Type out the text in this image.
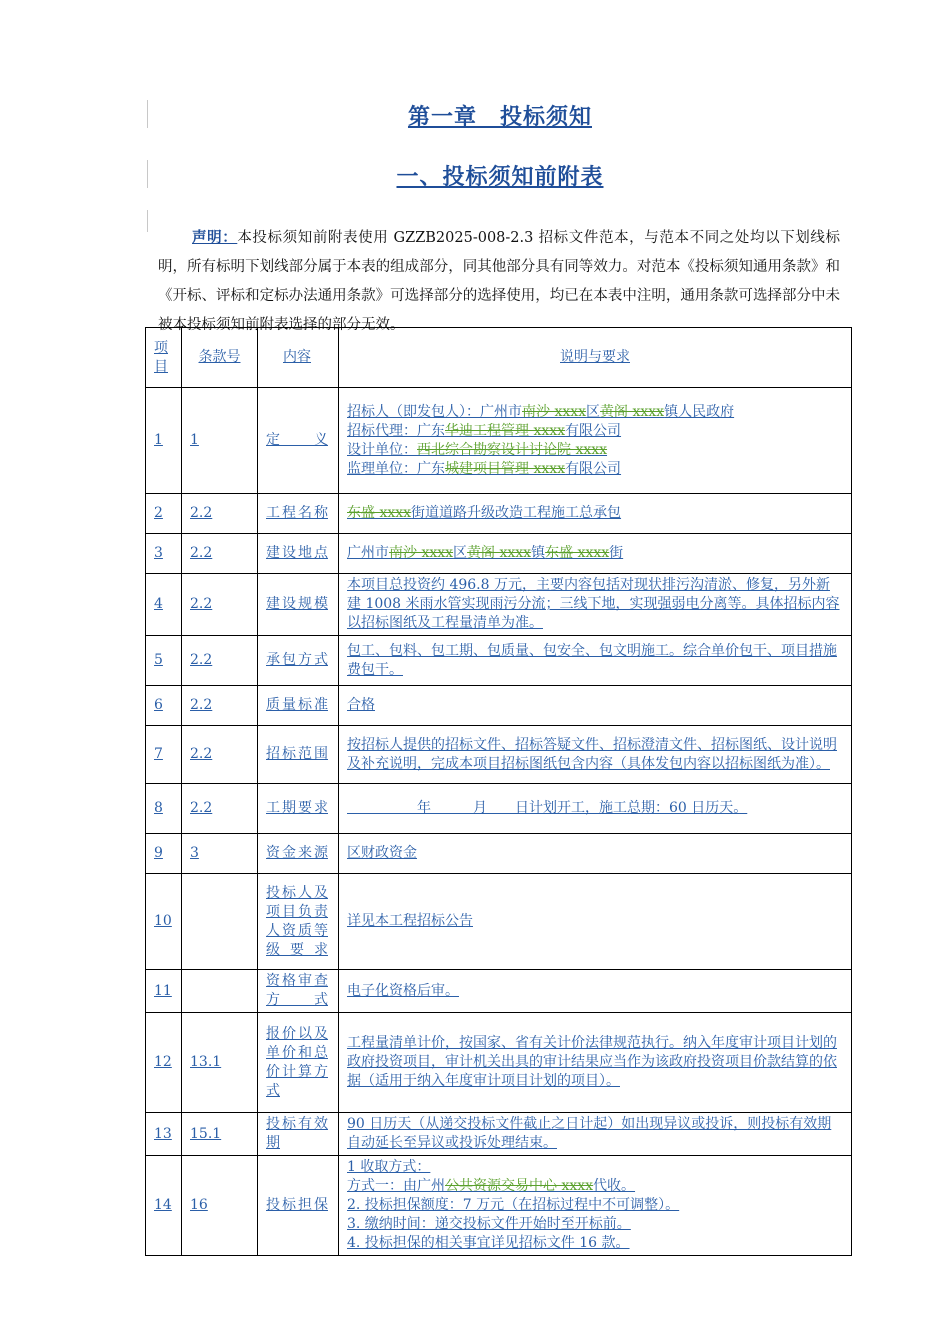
第一章　投标须知
一、投标须知前附表

声明：本投标须知前附表使用 GZZB2025-008-2.3 招标文件范本，与范本不同之处均以下划线标明，所有标明下划线部分属于本表的组成部分，同其他部分具有同等效力。对范本《投标须知通用条款》和《开标、评标和定标办法通用条款》可选择部分的选择使用，均已在本表中注明，通用条款可选择部分中未被本投标须知前附表选择的部分无效。

项目	条款号	内容	说明与要求
1	1	定义	招标人（即发包人）：广州市南沙 xxxx区黄阁 xxxx镇人民政府
招标代理：广东华迪工程管理 xxxx有限公司
设计单位：西北综合勘察设计讨论院 xxxx
监理单位：广东城建项目管理 xxxx有限公司

2	2.2	工程名称	东盛 xxxx街道道路升级改造工程施工总承包

3	2.2	建设地点	广州市南沙 xxxx区黄阁 xxxx镇东盛 xxxx街

4	2.2	建设规模	本项目总投资约 496.8 万元，主要内容包括对现状排污沟清淤、修复，另外新建 1008 米雨水管实现雨污分流；三线下地，实现强弱电分离等。具体招标内容以招标图纸及工程量清单为准。

5	2.2	承包方式	包工、包料、包工期、包质量、包安全、包文明施工。综合单价包干、项目措施费包干。

6	2.2	质量标准	合格

7	2.2	招标范围	按招标人提供的招标文件、招标答疑文件、招标澄清文件、招标图纸、设计说明及补充说明，完成本项目招标图纸包含内容（具体发包内容以招标图纸为准）。

8	2.2	工期要求	　　　　　年　　　月　　日计划开工，施工总期：60 日历天。

9	3	资金来源	区财政资金

10		投标人及项目负责人资质等级要求	详见本工程招标公告

11		资格审查方式	电子化资格后审。

12	13.1	报价以及单价和总价计算方式	工程量清单计价，按国家、省有关计价法律规范执行。纳入年度审计项目计划的政府投资项目，审计机关出具的审计结果应当作为该政府投资项目价款结算的依据（适用于纳入年度审计项目计划的项目）。

13	15.1	投标有效期	90 日历天（从递交投标文件截止之日计起）如出现异议或投诉，则投标有效期自动延长至异议或投诉处理结束。

14	16	投标担保	1 收取方式：
方式一：由广州公共资源交易中心 xxxx代收。
2. 投标担保额度：7 万元（在招标过程中不可调整）。
3. 缴纳时间：递交投标文件开始时至开标前。
4. 投标担保的相关事宜详见招标文件 16 款。
